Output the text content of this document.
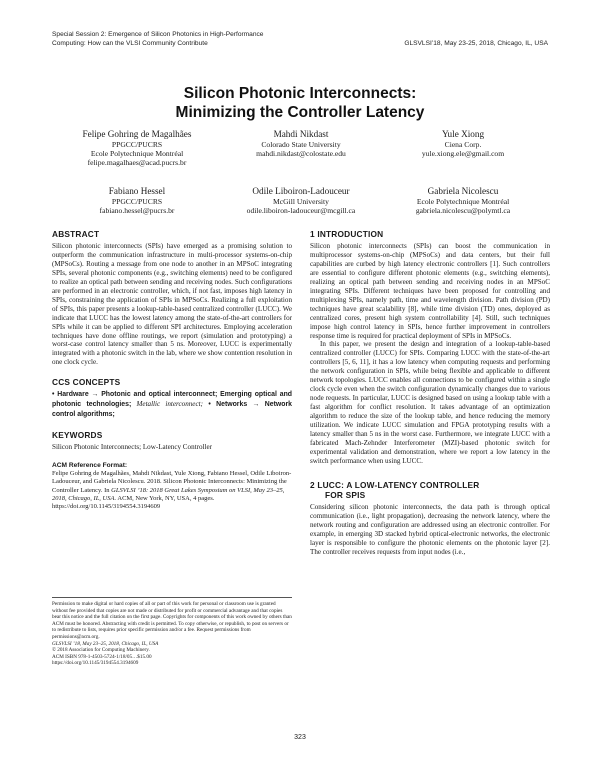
Special Session 2: Emergence of Silicon Photonics in High-Performance
Computing: How can the VLSI Community Contribute	GLSVLSI’18, May 23-25, 2018, Chicago, IL, USA
Silicon Photonic Interconnects:
Minimizing the Controller Latency
Felipe Gohring de Magalhães
PPGCC/PUCRS
Ecole Polytechnique Montréal
felipe.magalhaes@acad.pucrs.br
Mahdi Nikdast
Colorado State University
mahdi.nikdast@colostate.edu
Yule Xiong
Ciena Corp.
yule.xiong.ele@gmail.com
Fabiano Hessel
PPGCC/PUCRS
fabiano.hessel@pucrs.br
Odile Liboiron-Ladouceur
McGill University
odile.liboiron-ladouceur@mcgill.ca
Gabriela Nicolescu
Ecole Polytechnique Montréal
gabriela.nicolescu@polymtl.ca
ABSTRACT

Silicon photonic interconnects (SPIs) have emerged as a promising solution to outperform the communication infrastructure in multi-processor systems-on-chip (MPSoCs). Routing a message from one node to another in an MPSoC integrating SPIs, several photonic components (e.g., switching elements) need to be configured to realize an optical path between sending and receiving nodes. Such configurations are performed in an electronic controller, which, if not fast, imposes high latency in SPIs, constraining the application of SPIs in MPSoCs. Realizing a full exploitation of SPIs, this paper presents a lookup-table-based centralized controller (LUCC). We indicate that LUCC has the lowest latency among the state-of-the-art controllers for SPIs while it can be applied to different SPI architectures. Employing acceleration techniques have done offline routings, we report (simulation and prototyping) a worst-case control latency smaller than 5 ns. Moreover, LUCC is experimentally integrated with a photonic switch in the lab, where we show contention resolution in one clock cycle.

CCS CONCEPTS

• Hardware → Photonic and optical interconnect; Emerging optical and photonic technologies; Metallic interconnect; • Networks → Network control algorithms;

KEYWORDS

Silicon Photonic Interconnects; Low-Latency Controller

ACM Reference Format:

Felipe Gohring de Magalhães, Mahdi Nikdast, Yule Xiong, Fabiano Hessel, Odile Liboiron-Ladouceur, and Gabriela Nicolescu. 2018. Silicon Photonic Interconnects: Minimizing the Controller Latency. In GLSVLSI ’18: 2018 Great Lakes Symposium on VLSI, May 23–25, 2018, Chicago, IL, USA. ACM, New York, NY, USA, 4 pages. https://doi.org/10.1145/3194554.3194609

Permission to make digital or hard copies of all or part of this work for personal or classroom use is granted without fee provided that copies are not made or distributed for profit or commercial advantage and that copies bear this notice and the full citation on the first page. Copyrights for components of this work owned by others than ACM must be honored. Abstracting with credit is permitted. To copy otherwise, or republish, to post on servers or to redistribute to lists, requires prior specific permission and/or a fee. Request permissions from permissions@acm.org.
GLSVLSI ’18, May 23–25, 2018, Chicago, IL, USA
© 2018 Association for Computing Machinery.
ACM ISBN 978-1-4503-5724-1/18/05…$15.00
https://doi.org/10.1145/3194554.3194609
1 INTRODUCTION

Silicon photonic interconnects (SPIs) can boost the communication in multiprocessor systems-on-chip (MPSoCs) and data centers, but their full capabilities are curbed by high latency electronic controllers [1]. Such controllers are essential to configure different photonic elements (e.g., switching elements), realizing an optical path between sending and receiving nodes in an MPSoC integrating SPIs. Different techniques have been proposed for controlling and multiplexing SPIs, namely path, time and wavelength division. Path division (PD) techniques have great scalability [8], while time division (TD) ones, deployed as centralized cores, present high system controllability [4]. Still, such techniques impose high control latency in SPIs, hence further improvement in controllers response time is required for practical deployment of SPIs in MPSoCs.

In this paper, we present the design and integration of a lookup-table-based centralized controller (LUCC) for SPIs. Comparing LUCC with the state-of-the-art controllers [5, 6, 11], it has a low latency when computing requests and performing the network configuration in SPIs, while being flexible and applicable to different network topologies. LUCC enables all connections to be configured within a single clock cycle even when the switch configuration dynamically changes due to various node requests. In particular, LUCC is designed based on using a lookup table with a fast algorithm for conflict resolution. It takes advantage of an optimization algorithm to reduce the size of the lookup table, and hence reducing the memory utilization. We indicate LUCC simulation and FPGA prototyping results with a latency smaller than 5 ns in the worst case. Furthermore, we integrate LUCC with a fabricated Mach-Zehnder Interferometer (MZI)-based photonic switch for experimental validation and demonstration, where we report a low latency in the switch performance when using LUCC.

2 LUCC: A LOW-LATENCY CONTROLLER
FOR SPIS

Considering silicon photonic interconnects, the data path is through optical communication (i.e., light propagation), decreasing the network latency, where the network routing and configuration are addressed using an electronic controller. For example, in emerging 3D stacked hybrid optical-electronic networks, the electronic layer is responsible to configure the photonic elements on the photonic layer [2]. The controller receives requests from input nodes (i.e.,

323
